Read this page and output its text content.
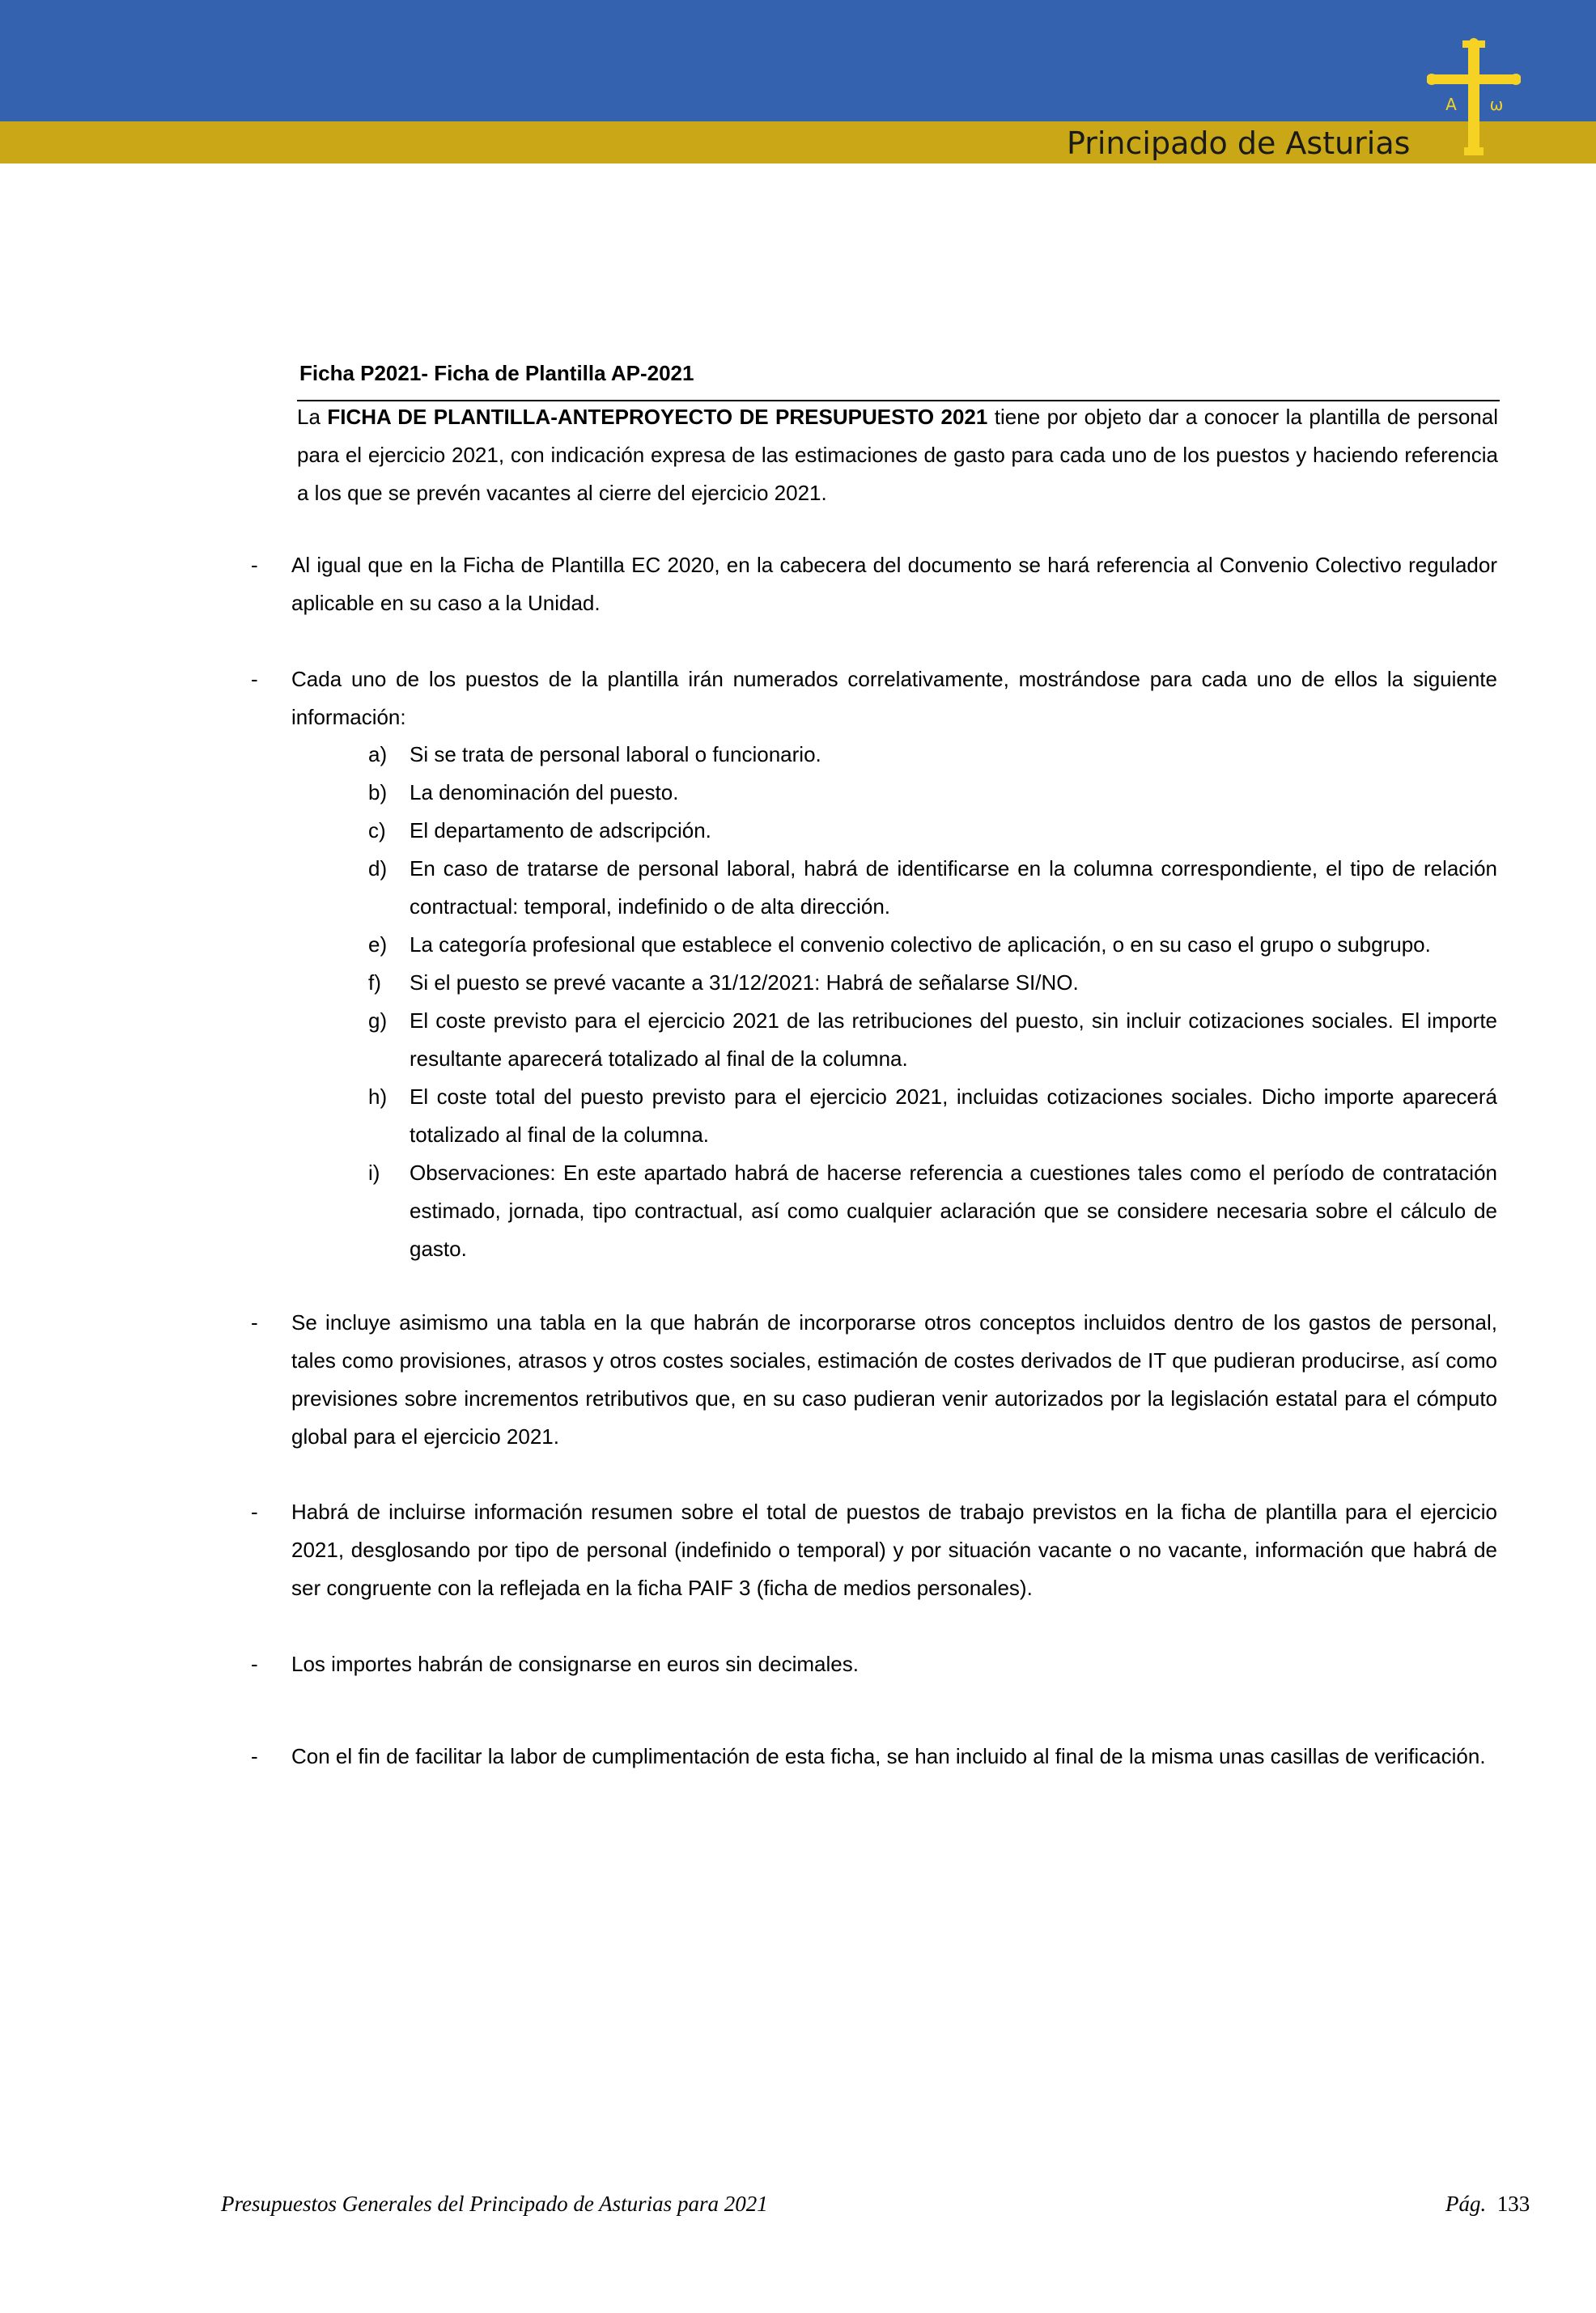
Principado de Asturias
A ω
Ficha P2021- Ficha de Plantilla AP-2021
La FICHA DE PLANTILLA-ANTEPROYECTO DE PRESUPUESTO 2021 tiene por objeto dar a conocer la plantilla de personal para el ejercicio 2021, con indicación expresa de las estimaciones de gasto para cada uno de los puestos y haciendo referencia a los que se prevén vacantes al cierre del ejercicio 2021.
- Al igual que en la Ficha de Plantilla EC 2020, en la cabecera del documento se hará referencia al Convenio Colectivo regulador aplicable en su caso a la Unidad.
- Cada uno de los puestos de la plantilla irán numerados correlativamente, mostrándose para cada uno de ellos la siguiente información:
a) Si se trata de personal laboral o funcionario.
b) La denominación del puesto.
c) El departamento de adscripción.
d) En caso de tratarse de personal laboral, habrá de identificarse en la columna correspondiente, el tipo de relación contractual: temporal, indefinido o de alta dirección.
e) La categoría profesional que establece el convenio colectivo de aplicación, o en su caso el grupo o subgrupo.
f) Si el puesto se prevé vacante a 31/12/2021: Habrá de señalarse SI/NO.
g) El coste previsto para el ejercicio 2021 de las retribuciones del puesto, sin incluir cotizaciones sociales. El importe resultante aparecerá totalizado al final de la columna.
h) El coste total del puesto previsto para el ejercicio 2021, incluidas cotizaciones sociales. Dicho importe aparecerá totalizado al final de la columna.
i) Observaciones: En este apartado habrá de hacerse referencia a cuestiones tales como el período de contratación estimado, jornada, tipo contractual, así como cualquier aclaración que se considere necesaria sobre el cálculo de gasto.
- Se incluye asimismo una tabla en la que habrán de incorporarse otros conceptos incluidos dentro de los gastos de personal, tales como provisiones, atrasos y otros costes sociales, estimación de costes derivados de IT que pudieran producirse, así como previsiones sobre incrementos retributivos que, en su caso pudieran venir autorizados por la legislación estatal para el cómputo global para el ejercicio 2021.
- Habrá de incluirse información resumen sobre el total de puestos de trabajo previstos en la ficha de plantilla para el ejercicio 2021, desglosando por tipo de personal (indefinido o temporal) y por situación vacante o no vacante, información que habrá de ser congruente con la reflejada en la ficha PAIF 3 (ficha de medios personales).
- Los importes habrán de consignarse en euros sin decimales.
- Con el fin de facilitar la labor de cumplimentación de esta ficha, se han incluido al final de la misma unas casillas de verificación.
Presupuestos Generales del Principado de Asturias para 2021	Pág. 133
